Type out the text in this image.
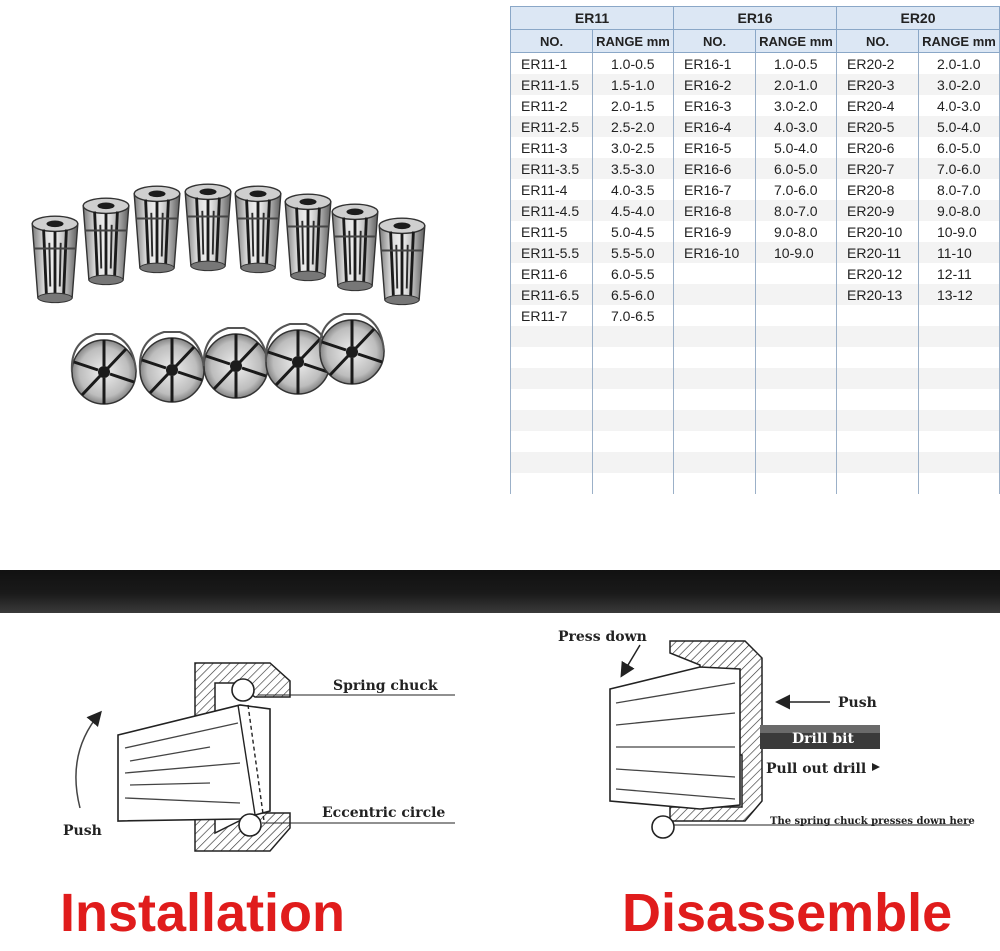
ER11		ER16		ER20	
NO.	RANGE mm	NO.	RANGE mm	NO.	RANGE mm
ER11-1	1.0-0.5	ER16-1	1.0-0.5	ER20-2	2.0-1.0
ER11-1.5	1.5-1.0	ER16-2	2.0-1.0	ER20-3	3.0-2.0
ER11-2	2.0-1.5	ER16-3	3.0-2.0	ER20-4	4.0-3.0
ER11-2.5	2.5-2.0	ER16-4	4.0-3.0	ER20-5	5.0-4.0
ER11-3	3.0-2.5	ER16-5	5.0-4.0	ER20-6	6.0-5.0
ER11-3.5	3.5-3.0	ER16-6	6.0-5.0	ER20-7	7.0-6.0
ER11-4	4.0-3.5	ER16-7	7.0-6.0	ER20-8	8.0-7.0
ER11-4.5	4.5-4.0	ER16-8	8.0-7.0	ER20-9	9.0-8.0
ER11-5	5.0-4.5	ER16-9	9.0-8.0	ER20-10	10-9.0
ER11-5.5	5.5-5.0	ER16-10	10-9.0	ER20-11	11-10
ER11-6	6.0-5.5			ER20-12	12-11
ER11-6.5	6.5-6.0			ER20-13	13-12
ER11-7	7.0-6.5				

Spring chuck
Eccentric circle
Push
Installation
Drill bit
Press down
Push
Pull out drill
The spring chuck presses down here
Disassemble
